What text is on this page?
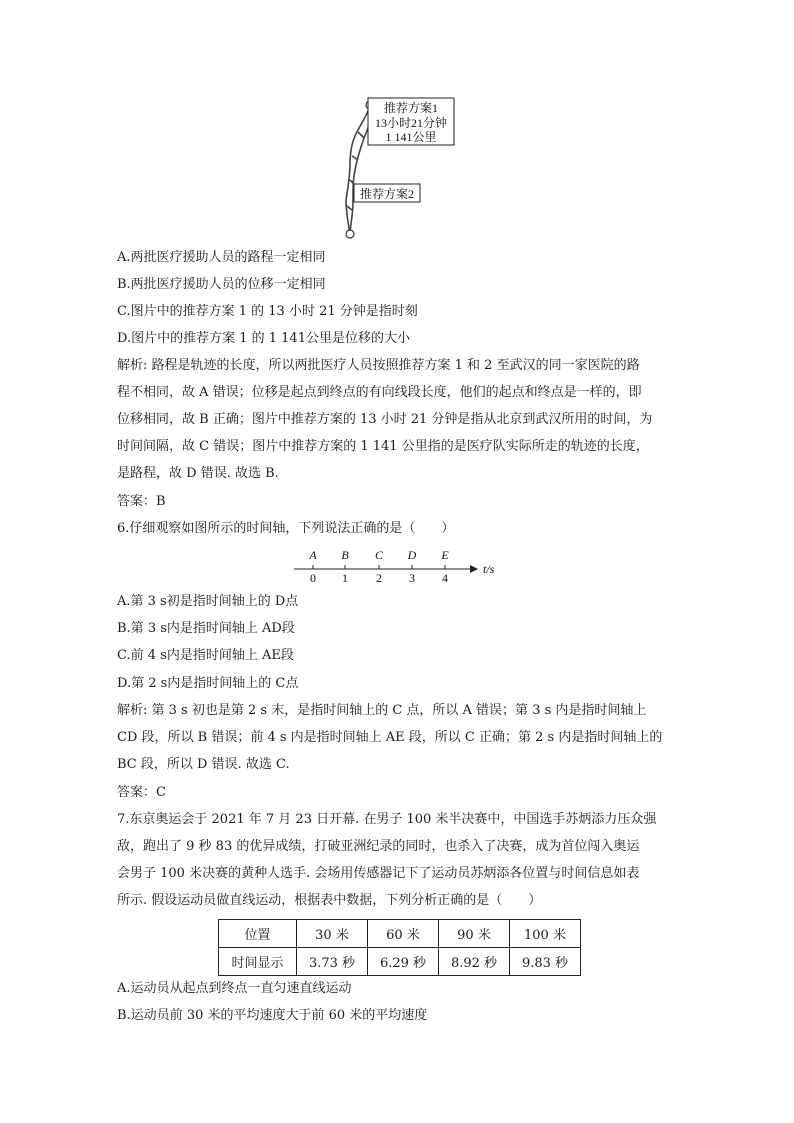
推荐方案1
13小时21分钟
1 141公里
推荐方案2
A.两批医疗援助人员的路程一定相同
B.两批医疗援助人员的位移一定相同
C.图片中的推荐方案 1 的 13 小时 21 分钟是指时刻
D.图片中的推荐方案 1 的 1 141公里是位移的大小
解析: 路程是轨迹的长度，所以两批医疗人员按照推荐方案 1 和 2 至武汉的同一家医院的路
程不相同，故 A 错误；位移是起点到终点的有向线段长度，他们的起点和终点是一样的，即
位移相同，故 B 正确；图片中推荐方案的 13 小时 21 分钟是指从北京到武汉所用的时间，为
时间间隔，故 C 错误；图片中推荐方案的 1 141 公里指的是医疗队实际所走的轨迹的长度，
是路程，故 D 错误. 故选 B.
答案：B
6.仔细观察如图所示的时间轴，下列说法正确的是（　　）
A B C D E
0 1 2 3 4
t/s
A.第 3 s初是指时间轴上的 D点
B.第 3 s内是指时间轴上 AD段
C.前 4 s内是指时间轴上 AE段
D.第 2 s内是指时间轴上的 C点
解析: 第 3 s 初也是第 2 s 末，是指时间轴上的 C 点，所以 A 错误；第 3 s 内是指时间轴上
CD 段，所以 B 错误；前 4 s 内是指时间轴上 AE 段，所以 C 正确；第 2 s 内是指时间轴上的
BC 段，所以 D 错误. 故选 C.
答案：C
7.东京奥运会于 2021 年 7 月 23 日开幕. 在男子 100 米半决赛中，中国选手苏炳添力压众强
敌，跑出了 9 秒 83 的优异成绩，打破亚洲纪录的同时，也杀入了决赛，成为首位闯入奥运
会男子 100 米决赛的黄种人选手. 会场用传感器记下了运动员苏炳添各位置与时间信息如表
所示. 假设运动员做直线运动，根据表中数据，下列分析正确的是（　　）
位置	30 米	60 米	90 米	100 米
时间显示	3.73 秒	6.29 秒	8.92 秒	9.83 秒
A.运动员从起点到终点一直匀速直线运动
B.运动员前 30 米的平均速度大于前 60 米的平均速度
